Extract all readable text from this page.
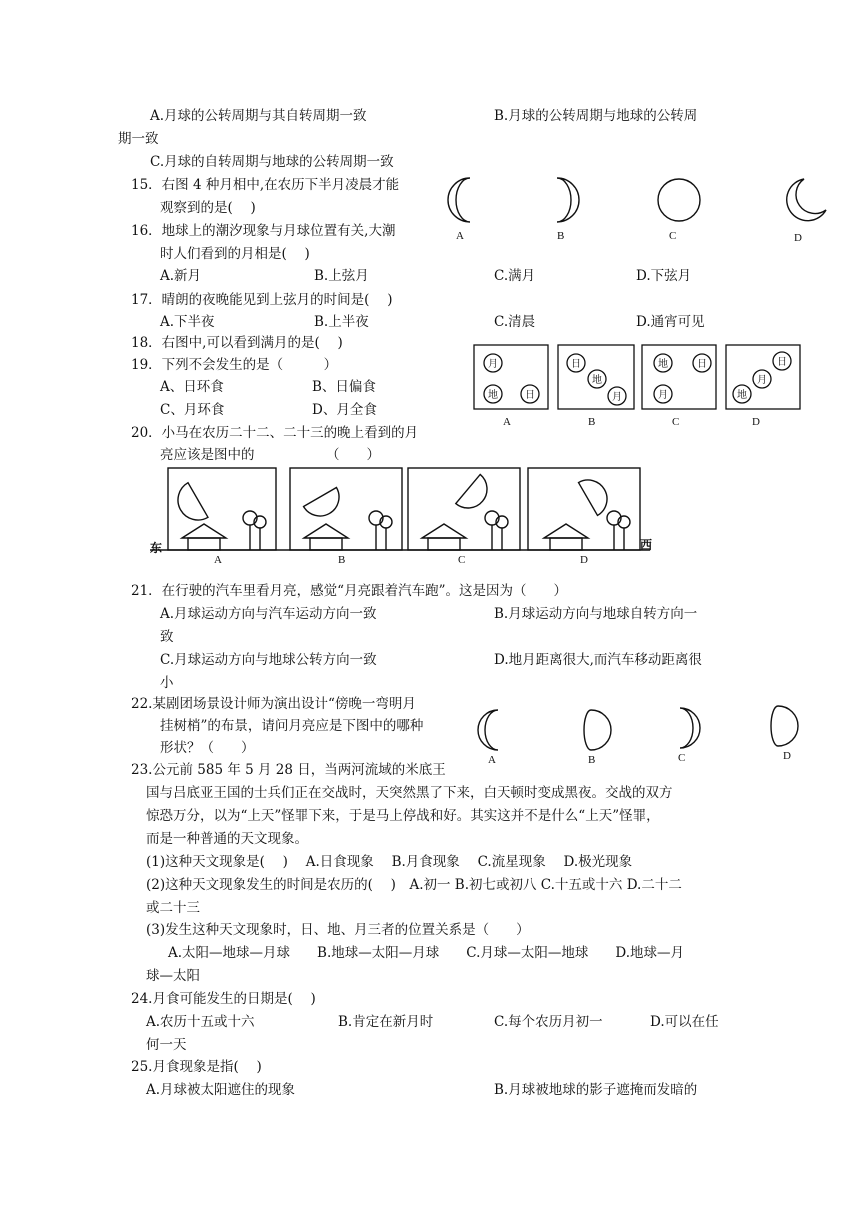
A.月球的公转周期与其自转周期一致	B.月球的公转周期与地球的公转周
期一致
C.月球的自转周期与地球的公转周期一致
15．右图 4 种月相中,在农历下半月凌晨才能
观察到的是(　 )
A	B	C	D
16．地球上的潮汐现象与月球位置有关,大潮
时人们看到的月相是(　 )
A.新月	B.上弦月	C.满月	D.下弦月
17．晴朗的夜晚能见到上弦月的时间是(　 )
A.下半夜	B.上半夜	C.清晨	D.通宵可见
18．右图中,可以看到满月的是(　 )
19．下列不会发生的是（　　　）
A、日环食	B、日偏食
C、月环食	D、月全食
月
地	日
日
地
月
地	日
月
日
月
地
A	B	C	D
20．小马在农历二十二、二十三的晚上看到的月
亮应该是图中的	（　　）
东	西
A	B	C	D
21．在行驶的汽车里看月亮，感觉“月亮跟着汽车跑”。这是因为（　　）
A.月球运动方向与汽车运动方向一致	B.月球运动方向与地球自转方向一
致
C.月球运动方向与地球公转方向一致	D.地月距离很大,而汽车移动距离很
小
22.某剧团场景设计师为演出设计“傍晚一弯明月
挂树梢”的布景，请问月亮应是下图中的哪种
形状？（　　）
A	B	C	D
23.公元前 585 年 5 月 28 日，当两河流域的米底王
国与吕底亚王国的士兵们正在交战时，天突然黑了下来，白天顿时变成黑夜。交战的双方
惊恐万分，以为“上天”怪罪下来，于是马上停战和好。其实这并不是什么“上天”怪罪，
而是一种普通的天文现象。
(1)这种天文现象是(　 )　 A.日食现象　 B.月食现象　 C.流星现象　 D.极光现象
(2)这种天文现象发生的时间是农历的(　 )　A.初一 B.初七或初八 C.十五或十六 D.二十二
或二十三
(3)发生这种天文现象时，日、地、月三者的位置关系是（　　）
A.太阳—地球—月球　　B.地球—太阳—月球　　C.月球—太阳—地球　　D.地球—月
球—太阳
24.月食可能发生的日期是(　 )
A.农历十五或十六	B.肯定在新月时	C.每个农历月初一	D.可以在任
何一天
25.月食现象是指(　 )
A.月球被太阳遮住的现象	B.月球被地球的影子遮掩而发暗的
